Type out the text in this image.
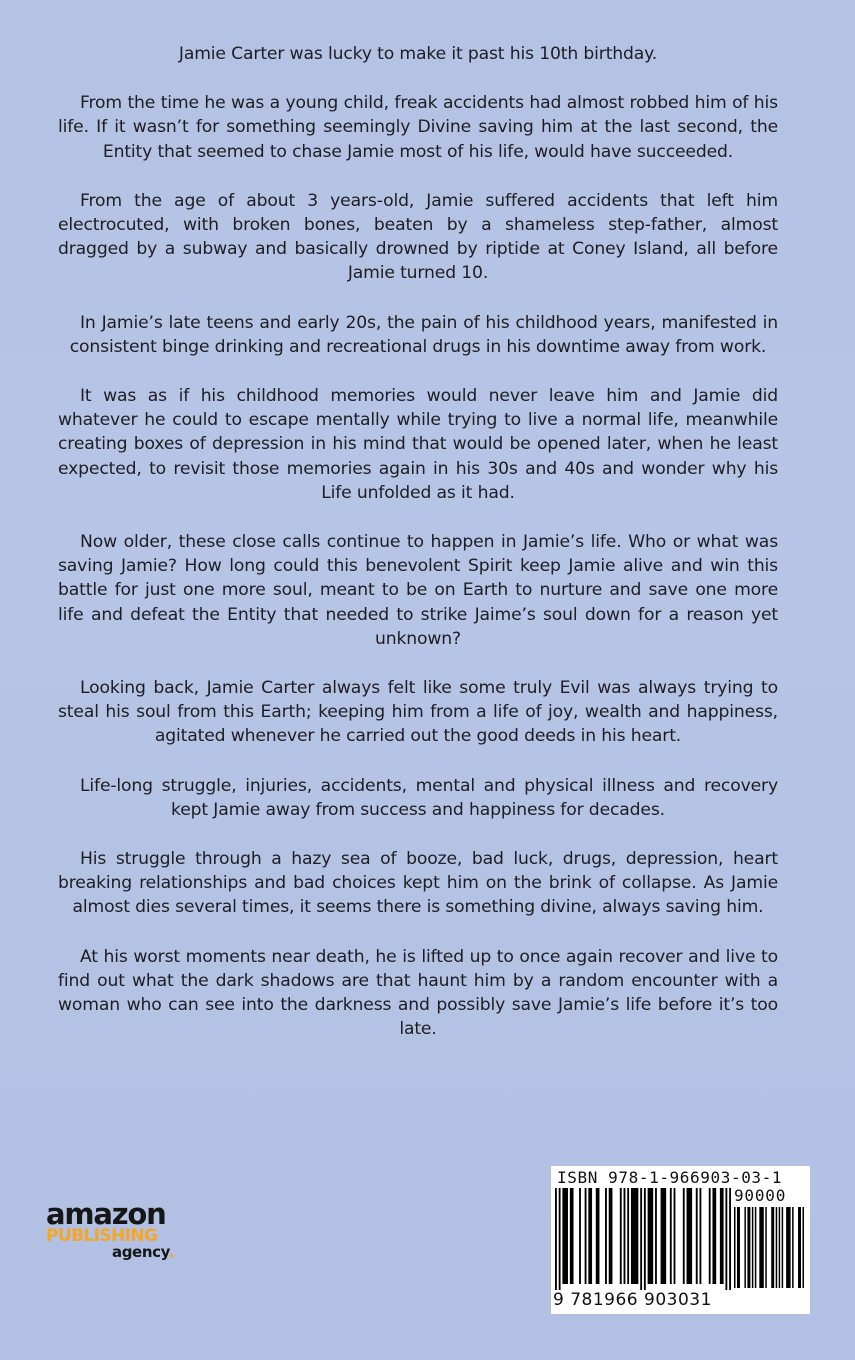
Jamie Carter was lucky to make it past his 10th birthday.

From the time he was a young child, freak accidents had almost robbed him of his life. If it wasn’t for something seemingly Divine saving him at the last second, the Entity that seemed to chase Jamie most of his life, would have succeeded.

From the age of about 3 years-old, Jamie suffered accidents that left him electrocuted, with broken bones, beaten by a shameless step-father, almost dragged by a subway and basically drowned by riptide at Coney Island, all before Jamie turned 10.

In Jamie’s late teens and early 20s, the pain of his childhood years, manifested in consistent binge drinking and recreational drugs in his downtime away from work.

It was as if his childhood memories would never leave him and Jamie did whatever he could to escape mentally while trying to live a normal life, meanwhile creating boxes of depression in his mind that would be opened later, when he least expected, to revisit those memories again in his 30s and 40s and wonder why his Life unfolded as it had.

Now older, these close calls continue to happen in Jamie’s life. Who or what was saving Jamie? How long could this benevolent Spirit keep Jamie alive and win this battle for just one more soul, meant to be on Earth to nurture and save one more life and defeat the Entity that needed to strike Jaime’s soul down for a reason yet unknown?

Looking back, Jamie Carter always felt like some truly Evil was always trying to steal his soul from this Earth; keeping him from a life of joy, wealth and happiness, agitated whenever he carried out the good deeds in his heart.

Life-long struggle, injuries, accidents, mental and physical illness and recovery kept Jamie away from success and happiness for decades.

His struggle through a hazy sea of booze, bad luck, drugs, depression, heart breaking relationships and bad choices kept him on the brink of collapse. As Jamie almost dies several times, it seems there is something divine, always saving him.

At his worst moments near death, he is lifted up to once again recover and live to find out what the dark shadows are that haunt him by a random encounter with a woman who can see into the darkness and possibly save Jamie’s life before it’s too late.

amazon
PUBLISHING
agency.
ISBN 978-1-966903-03-1
90000
9 781966 903031
